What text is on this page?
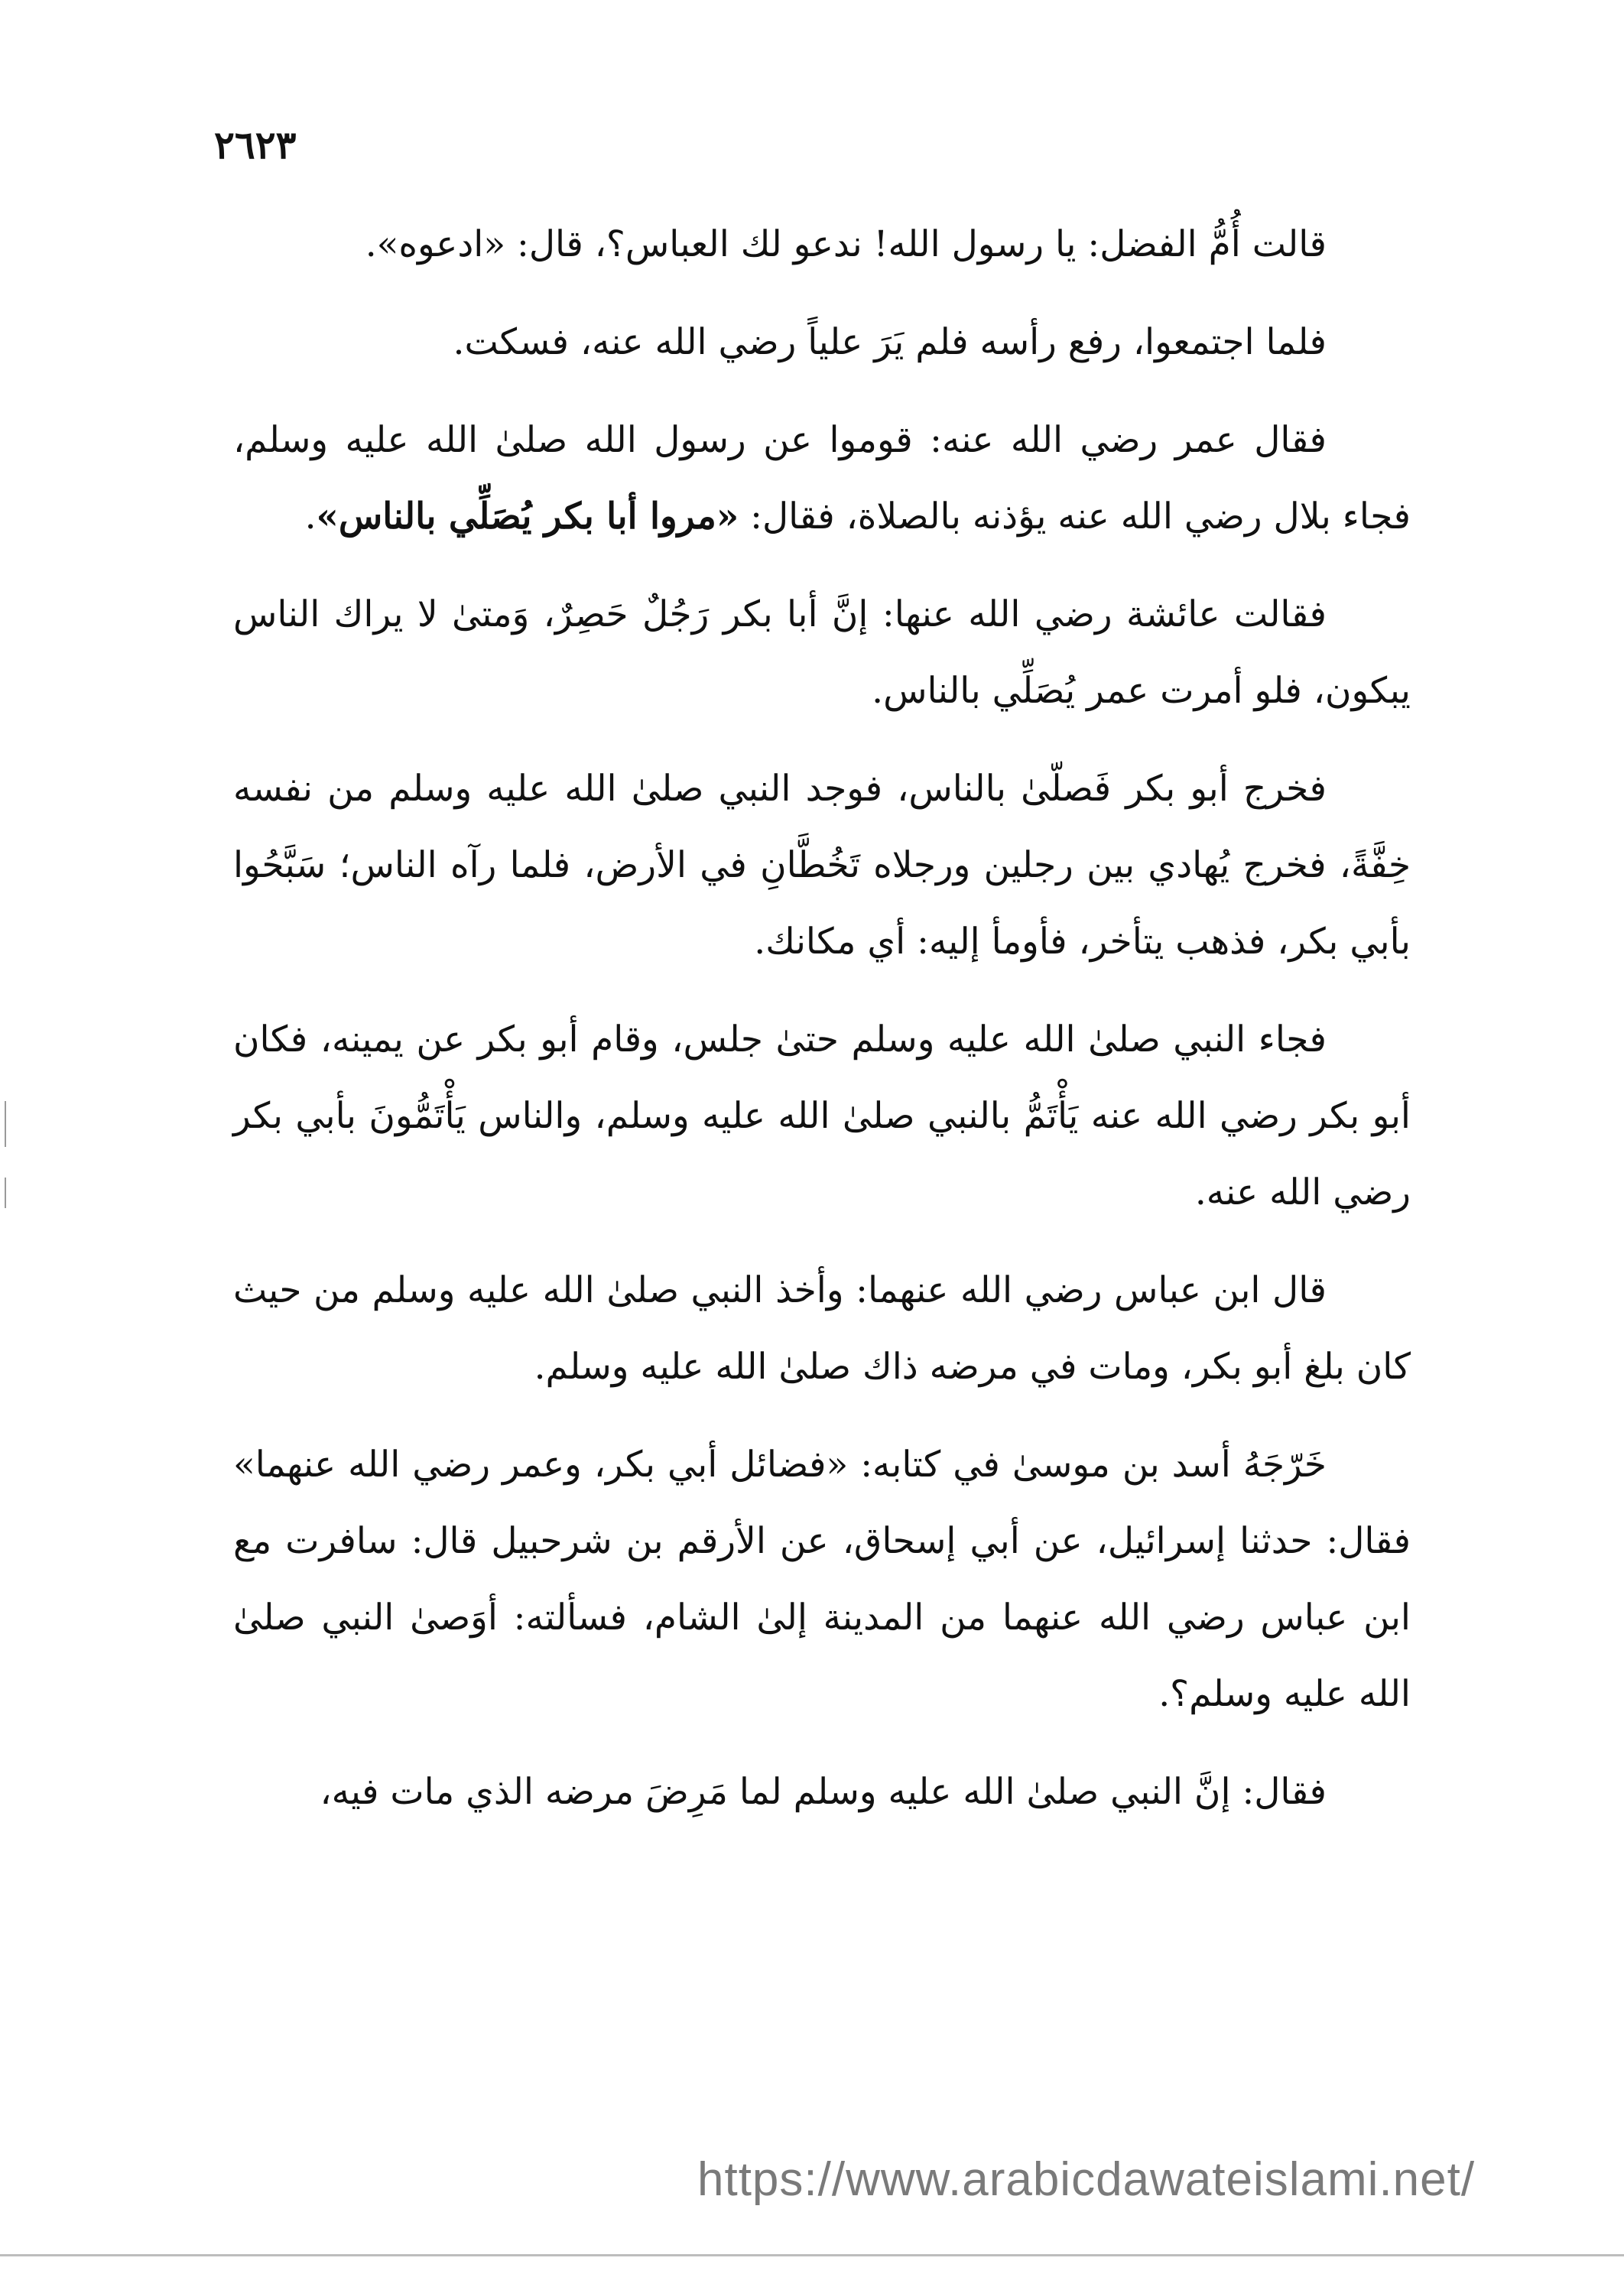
٢٦٢٣

قالت أُمُّ الفضل: يا رسول الله! ندعو لك العباس؟، قال: «ادعوه».

فلما اجتمعوا، رفع رأسه فلم يَرَ علياً رضي الله عنه، فسكت.

فقال عمر رضي الله عنه: قوموا عن رسول الله صلىٰ الله عليه وسلم، فجاء بلال رضي الله عنه يؤذنه بالصلاة، فقال: «مروا أبا بكر يُصَلِّي بالناس».

فقالت عائشة رضي الله عنها: إنَّ أبا بكر رَجُلٌ حَصِرٌ، وَمتىٰ لا يراك الناس يبكون، فلو أمرت عمر يُصَلِّي بالناس.

فخرج أبو بكر فَصلّىٰ بالناس، فوجد النبي صلىٰ الله عليه وسلم من نفسه خِفَّةً، فخرج يُهادي بين رجلين ورجلاه تَخُطَّانِ في الأرض، فلما رآه الناس؛ سَبَّحُوا بأبي بكر، فذهب يتأخر، فأومأ إليه: أي مكانك.

فجاء النبي صلىٰ الله عليه وسلم حتىٰ جلس، وقام أبو بكر عن يمينه، فكان أبو بكر رضي الله عنه يَأْتَمُّ بالنبي صلىٰ الله عليه وسلم، والناس يَأْتَمُّونَ بأبي بكر رضي الله عنه.

قال ابن عباس رضي الله عنهما: وأخذ النبي صلىٰ الله عليه وسلم من حيث كان بلغ أبو بكر، ومات في مرضه ذاك صلىٰ الله عليه وسلم.

خَرّجَهُ أسد بن موسىٰ في كتابه: «فضائل أبي بكر، وعمر رضي الله عنهما» فقال: حدثنا إسرائيل، عن أبي إسحاق، عن الأرقم بن شرحبيل قال: سافرت مع ابن عباس رضي الله عنهما من المدينة إلىٰ الشام، فسألته: أوَصىٰ النبي صلىٰ الله عليه وسلم؟.

فقال: إنَّ النبي صلىٰ الله عليه وسلم لما مَرِضَ مرضه الذي مات فيه،

https://www.arabicdawateislami.net/
